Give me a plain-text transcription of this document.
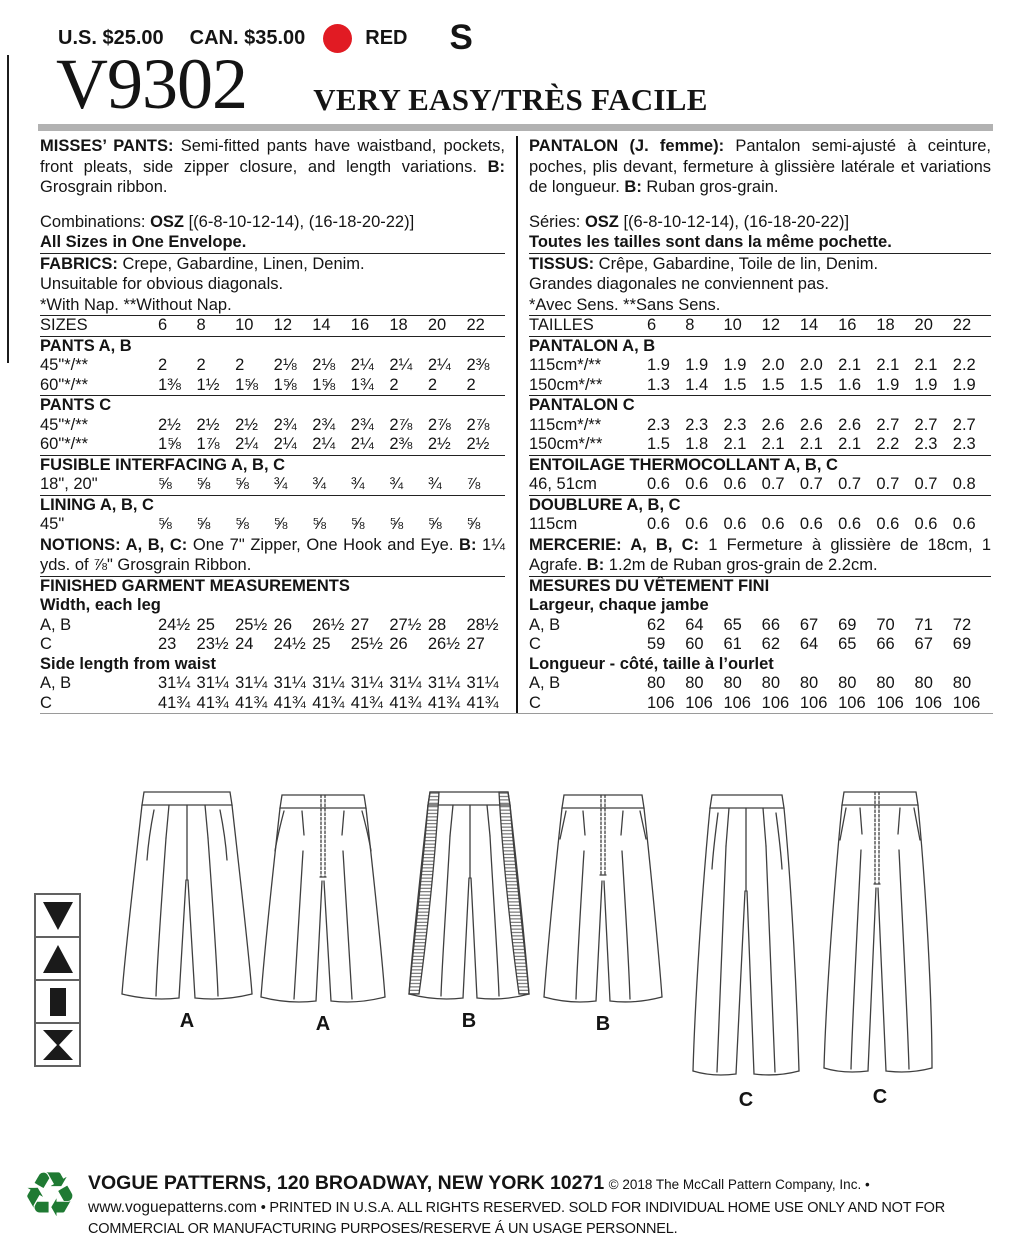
U.S. $25.00 CAN. $35.00	RED S
V9302	VERY EASY/TRÈS FACILE
MISSES’ PANTS: Semi-fitted pants have waistband, pockets, front pleats, side zipper closure, and length variations. B: Grosgrain ribbon.
Combinations: OSZ [(6-8-10-12-14), (16-18-20-22)]
All Sizes in One Envelope.
FABRICS: Crepe, Gabardine, Linen, Denim.
Unsuitable for obvious diagonals.
*With Nap. **Without Nap.
SIZES	6	8	10	12	14	16	18	20	22
PANTS A, B
45"*/**	2	2	2	2⅛ 2⅛ 2¼ 2¼ 2¼ 2⅜
60"*/**	1⅜ 1½ 1⅝ 1⅝ 1⅝ 1¾ 2	2	2
PANTS C
45"*/**	2½ 2½ 2½ 2¾ 2¾ 2¾ 2⅞ 2⅞ 2⅞
60"*/**	1⅝ 1⅞ 2¼ 2¼ 2¼ 2¼ 2⅜ 2½ 2½
FUSIBLE INTERFACING A, B, C
18", 20"	⅝	⅝	⅝	¾	¾	¾	¾	¾	⅞
LINING A, B, C
45"	⅝	⅝	⅝	⅝	⅝	⅝	⅝	⅝	⅝
NOTIONS: A, B, C: One 7" Zipper, One Hook and Eye. B: 1¼ yds. of ⅞" Grosgrain Ribbon.
FINISHED GARMENT MEASUREMENTS
Width, each leg
A, B	24½ 25	25½ 26	26½ 27	27½ 28	28½
C	23	23½ 24	24½ 25	25½ 26	26½ 27
Side length from waist
A, B	31¼ 31¼ 31¼ 31¼ 31¼ 31¼ 31¼ 31¼ 31¼
C	41¾ 41¾ 41¾ 41¾ 41¾ 41¾ 41¾ 41¾ 41¾
PANTALON (J. femme): Pantalon semi-ajusté à ceinture, poches, plis devant, fermeture à glissière latérale et variations de longueur. B: Ruban gros-grain.
Séries: OSZ [(6-8-10-12-14), (16-18-20-22)]
Toutes les tailles sont dans la même pochette.
TISSUS: Crêpe, Gabardine, Toile de lin, Denim.
Grandes diagonales ne conviennent pas.
*Avec Sens. **Sans Sens.
TAILLES	6	8	10	12	14	16	18	20	22
PANTALON A, B
115cm*/**	1.9 1.9 1.9 2.0 2.0 2.1 2.1 2.1 2.2
150cm*/**	1.3 1.4 1.5 1.5 1.5 1.6 1.9 1.9 1.9
PANTALON C
115cm*/**	2.3 2.3 2.3 2.6 2.6 2.6 2.7 2.7 2.7
150cm*/**	1.5 1.8 2.1 2.1 2.1 2.1 2.2 2.3 2.3
ENTOILAGE THERMOCOLLANT A, B, C
46, 51cm	0.6 0.6 0.6 0.7 0.7 0.7 0.7 0.7 0.8
DOUBLURE A, B, C
115cm	0.6 0.6 0.6 0.6 0.6 0.6 0.6 0.6 0.6
MERCERIE: A, B, C: 1 Fermeture à glissière de 18cm, 1 Agrafe. B: 1.2m de Ruban gros-grain de 2.2cm.
MESURES DU VÊTEMENT FINI
Largeur, chaque jambe
A, B	62	64	65	66	67	69	70	71	72
C	59	60	61	62	64	65	66	67	69
Longueur - côté, taille à l’ourlet
A, B	80	80	80	80	80	80	80	80	80
C	106 106 106 106 106 106 106 106 106
A	A	B	B
C	C
♻ VOGUE PATTERNS, 120 BROADWAY, NEW YORK 10271 © 2018 The McCall Pattern Company, Inc. •
www.voguepatterns.com • PRINTED IN U.S.A. ALL RIGHTS RESERVED. SOLD FOR INDIVIDUAL HOME USE ONLY AND NOT FOR
COMMERCIAL OR MANUFACTURING PURPOSES/RESERVE Á UN USAGE PERSONNEL.
